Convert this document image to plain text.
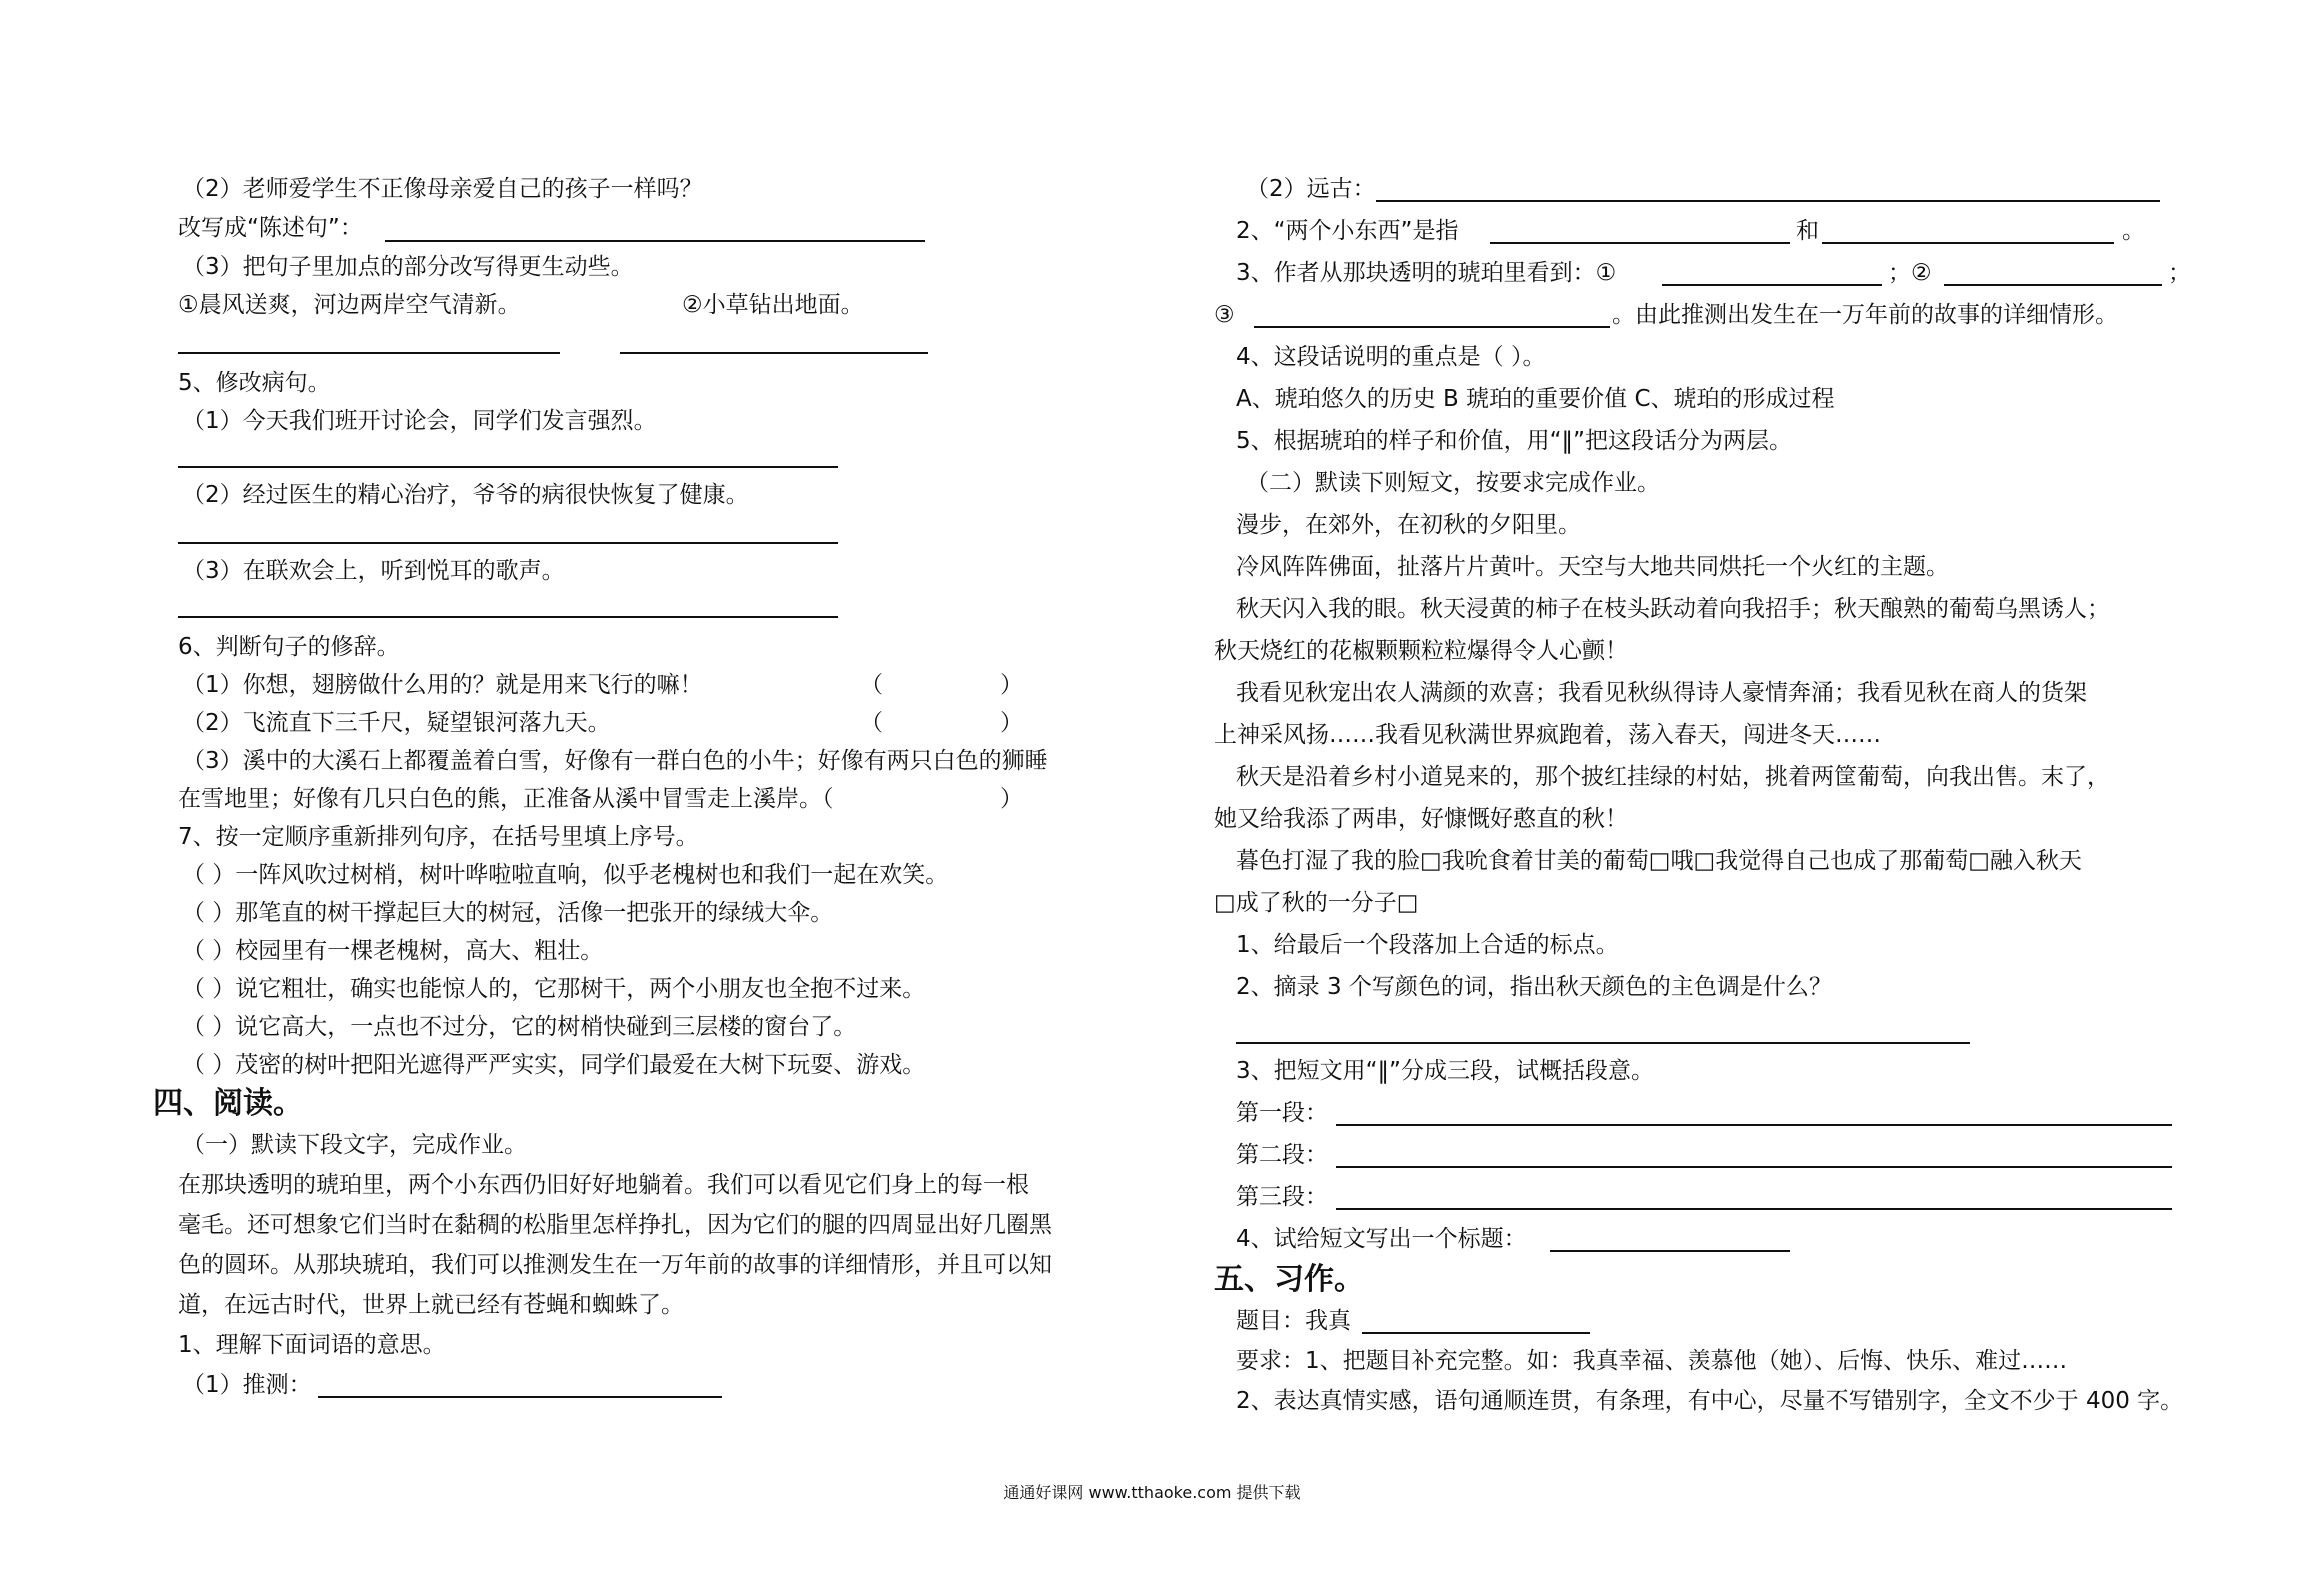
（2）老师爱学生不正像母亲爱自己的孩子一样吗？
改写成“陈述句”：
（3）把句子里加点的部分改写得更生动些。
①晨风送爽，河边两岸空气清新。	②小草钻出地面。
5、修改病句。
（1）今天我们班开讨论会，同学们发言强烈。
（2）经过医生的精心治疗，爷爷的病很快恢复了健康。
（3）在联欢会上，听到悦耳的歌声。
6、判断句子的修辞。
（1）你想，翅膀做什么用的？就是用来飞行的嘛！	（	）
（2）飞流直下三千尺，疑望银河落九天。	（	）
（3）溪中的大溪石上都覆盖着白雪，好像有一群白色的小牛；好像有两只白色的狮睡
在雪地里；好像有几只白色的熊，正准备从溪中冒雪走上溪岸。（	）
7、按一定顺序重新排列句序，在括号里填上序号。
（ ）一阵风吹过树梢，树叶哗啦啦直响，似乎老槐树也和我们一起在欢笑。
（ ）那笔直的树干撑起巨大的树冠，活像一把张开的绿绒大伞。
（ ）校园里有一棵老槐树，高大、粗壮。
（ ）说它粗壮，确实也能惊人的，它那树干，两个小朋友也全抱不过来。
（ ）说它高大，一点也不过分，它的树梢快碰到三层楼的窗台了。
（ ）茂密的树叶把阳光遮得严严实实，同学们最爱在大树下玩耍、游戏。
四、阅读。
（一）默读下段文字，完成作业。
在那块透明的琥珀里，两个小东西仍旧好好地躺着。我们可以看见它们身上的每一根
毫毛。还可想象它们当时在黏稠的松脂里怎样挣扎，因为它们的腿的四周显出好几圈黑
色的圆环。从那块琥珀，我们可以推测发生在一万年前的故事的详细情形，并且可以知
道，在远古时代，世界上就已经有苍蝇和蜘蛛了。
1、理解下面词语的意思。
（1）推测：
（2）远古：
2、“两个小东西”是指	和	。
3、作者从那块透明的琥珀里看到：①	；②	；
③	。由此推测出发生在一万年前的故事的详细情形。
4、这段话说明的重点是（ ）。
A、琥珀悠久的历史 B 琥珀的重要价值 C、琥珀的形成过程
5、根据琥珀的样子和价值，用“‖”把这段话分为两层。
（二）默读下则短文，按要求完成作业。
漫步，在郊外，在初秋的夕阳里。
冷风阵阵佛面，扯落片片黄叶。天空与大地共同烘托一个火红的主题。
秋天闪入我的眼。秋天浸黄的柿子在枝头跃动着向我招手；秋天酿熟的葡萄乌黑诱人；
秋天烧红的花椒颗颗粒粒爆得令人心颤！
我看见秋宠出农人满颜的欢喜；我看见秋纵得诗人豪情奔涌；我看见秋在商人的货架
上神采风扬……我看见秋满世界疯跑着，荡入春天，闯进冬天……
秋天是沿着乡村小道晃来的，那个披红挂绿的村姑，挑着两筐葡萄，向我出售。末了，
她又给我添了两串，好慷慨好憨直的秋！
暮色打湿了我的脸□我吮食着甘美的葡萄□哦□我觉得自己也成了那葡萄□融入秋天
□成了秋的一分子□
1、给最后一个段落加上合适的标点。
2、摘录 3 个写颜色的词，指出秋天颜色的主色调是什么？
3、把短文用“‖”分成三段，试概括段意。
第一段：
第二段：
第三段：
4、试给短文写出一个标题：
五、习作。
题目：我真
要求：1、把题目补充完整。如：我真幸福、羡慕他（她）、后悔、快乐、难过……
2、表达真情实感，语句通顺连贯，有条理，有中心，尽量不写错别字，全文不少于 400 字。
通通好课网 www.tthaoke.com 提供下载
